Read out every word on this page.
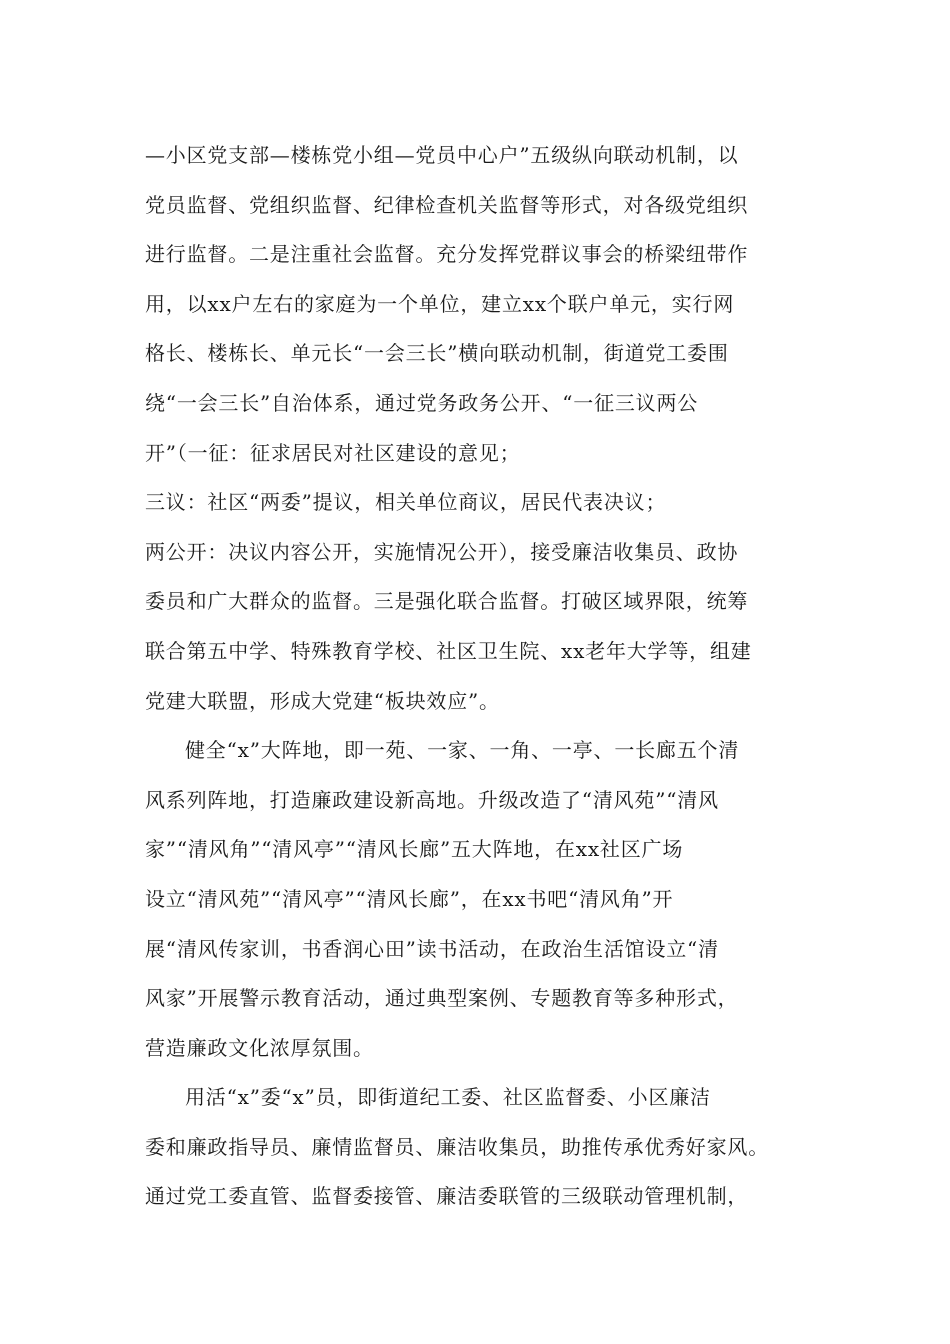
—小区党支部—楼栋党小组—党员中心户”五级纵向联动机制，以
党员监督、党组织监督、纪律检查机关监督等形式，对各级党组织
进行监督。二是注重社会监督。充分发挥党群议事会的桥梁纽带作
用，以xx户左右的家庭为一个单位，建立xx个联户单元，实行网
格长、楼栋长、单元长“一会三长”横向联动机制，街道党工委围
绕“一会三长”自治体系，通过党务政务公开、“一征三议两公
开”（一征：征求居民对社区建设的意见；
三议：社区“两委”提议，相关单位商议，居民代表决议；
两公开：决议内容公开，实施情况公开），接受廉洁收集员、政协
委员和广大群众的监督。三是强化联合监督。打破区域界限，统筹
联合第五中学、特殊教育学校、社区卫生院、xx老年大学等，组建
党建大联盟，形成大党建“板块效应”。
健全“x”大阵地，即一苑、一家、一角、一亭、一长廊五个清
风系列阵地，打造廉政建设新高地。升级改造了“清风苑”“清风
家”“清风角”“清风亭”“清风长廊”五大阵地，在xx社区广场
设立“清风苑”“清风亭”“清风长廊”，在xx书吧“清风角”开
展“清风传家训，书香润心田”读书活动，在政治生活馆设立“清
风家”开展警示教育活动，通过典型案例、专题教育等多种形式，
营造廉政文化浓厚氛围。
用活“x”委“x”员，即街道纪工委、社区监督委、小区廉洁
委和廉政指导员、廉情监督员、廉洁收集员，助推传承优秀好家风。
通过党工委直管、监督委接管、廉洁委联管的三级联动管理机制，
